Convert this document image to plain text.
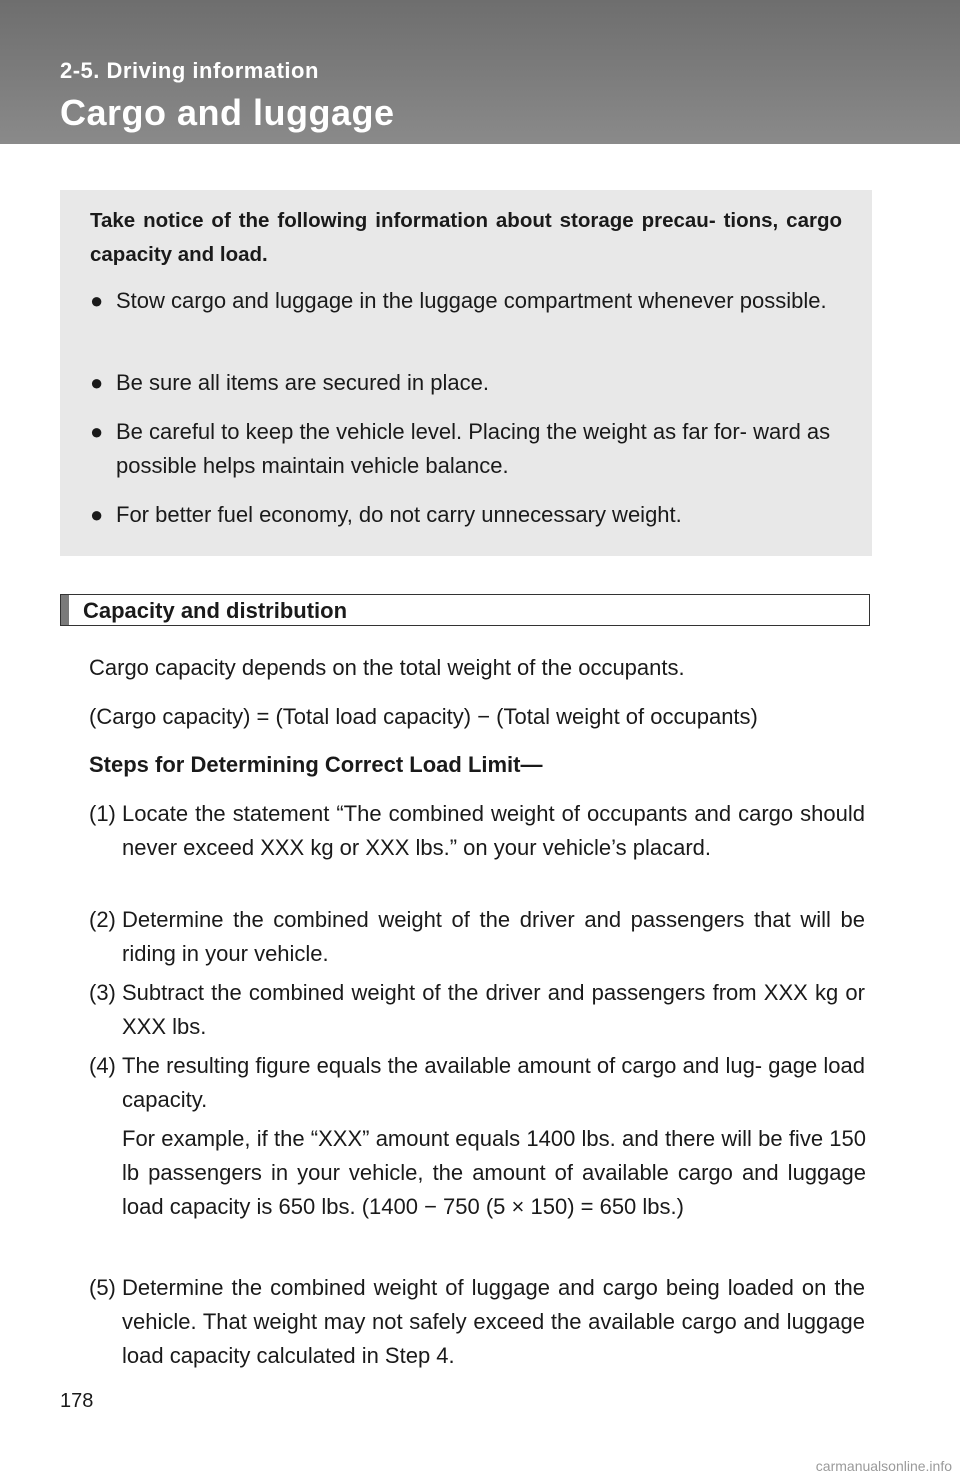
2-5. Driving information
Cargo and luggage
Take notice of the following information about storage precau- tions, cargo capacity and load.
● Stow cargo and luggage in the luggage compartment whenever possible.
● Be sure all items are secured in place.
● Be careful to keep the vehicle level. Placing the weight as far for- ward as possible helps maintain vehicle balance.
● For better fuel economy, do not carry unnecessary weight.
Capacity and distribution
Cargo capacity depends on the total weight of the occupants.
(Cargo capacity) = (Total load capacity) − (Total weight of occupants)
Steps for Determining Correct Load Limit—
(1) Locate the statement “The combined weight of occupants and cargo should never exceed XXX kg or XXX lbs.” on your vehicle’s placard.
(2) Determine the combined weight of the driver and passengers that will be riding in your vehicle.
(3) Subtract the combined weight of the driver and passengers from XXX kg or XXX lbs.
(4) The resulting figure equals the available amount of cargo and lug- gage load capacity.
For example, if the “XXX” amount equals 1400 lbs. and there will be five 150 lb passengers in your vehicle, the amount of available cargo and luggage load capacity is 650 lbs. (1400 − 750 (5 × 150) = 650 lbs.)
(5) Determine the combined weight of luggage and cargo being loaded on the vehicle. That weight may not safely exceed the available cargo and luggage load capacity calculated in Step 4.
178
carmanualsonline.info
